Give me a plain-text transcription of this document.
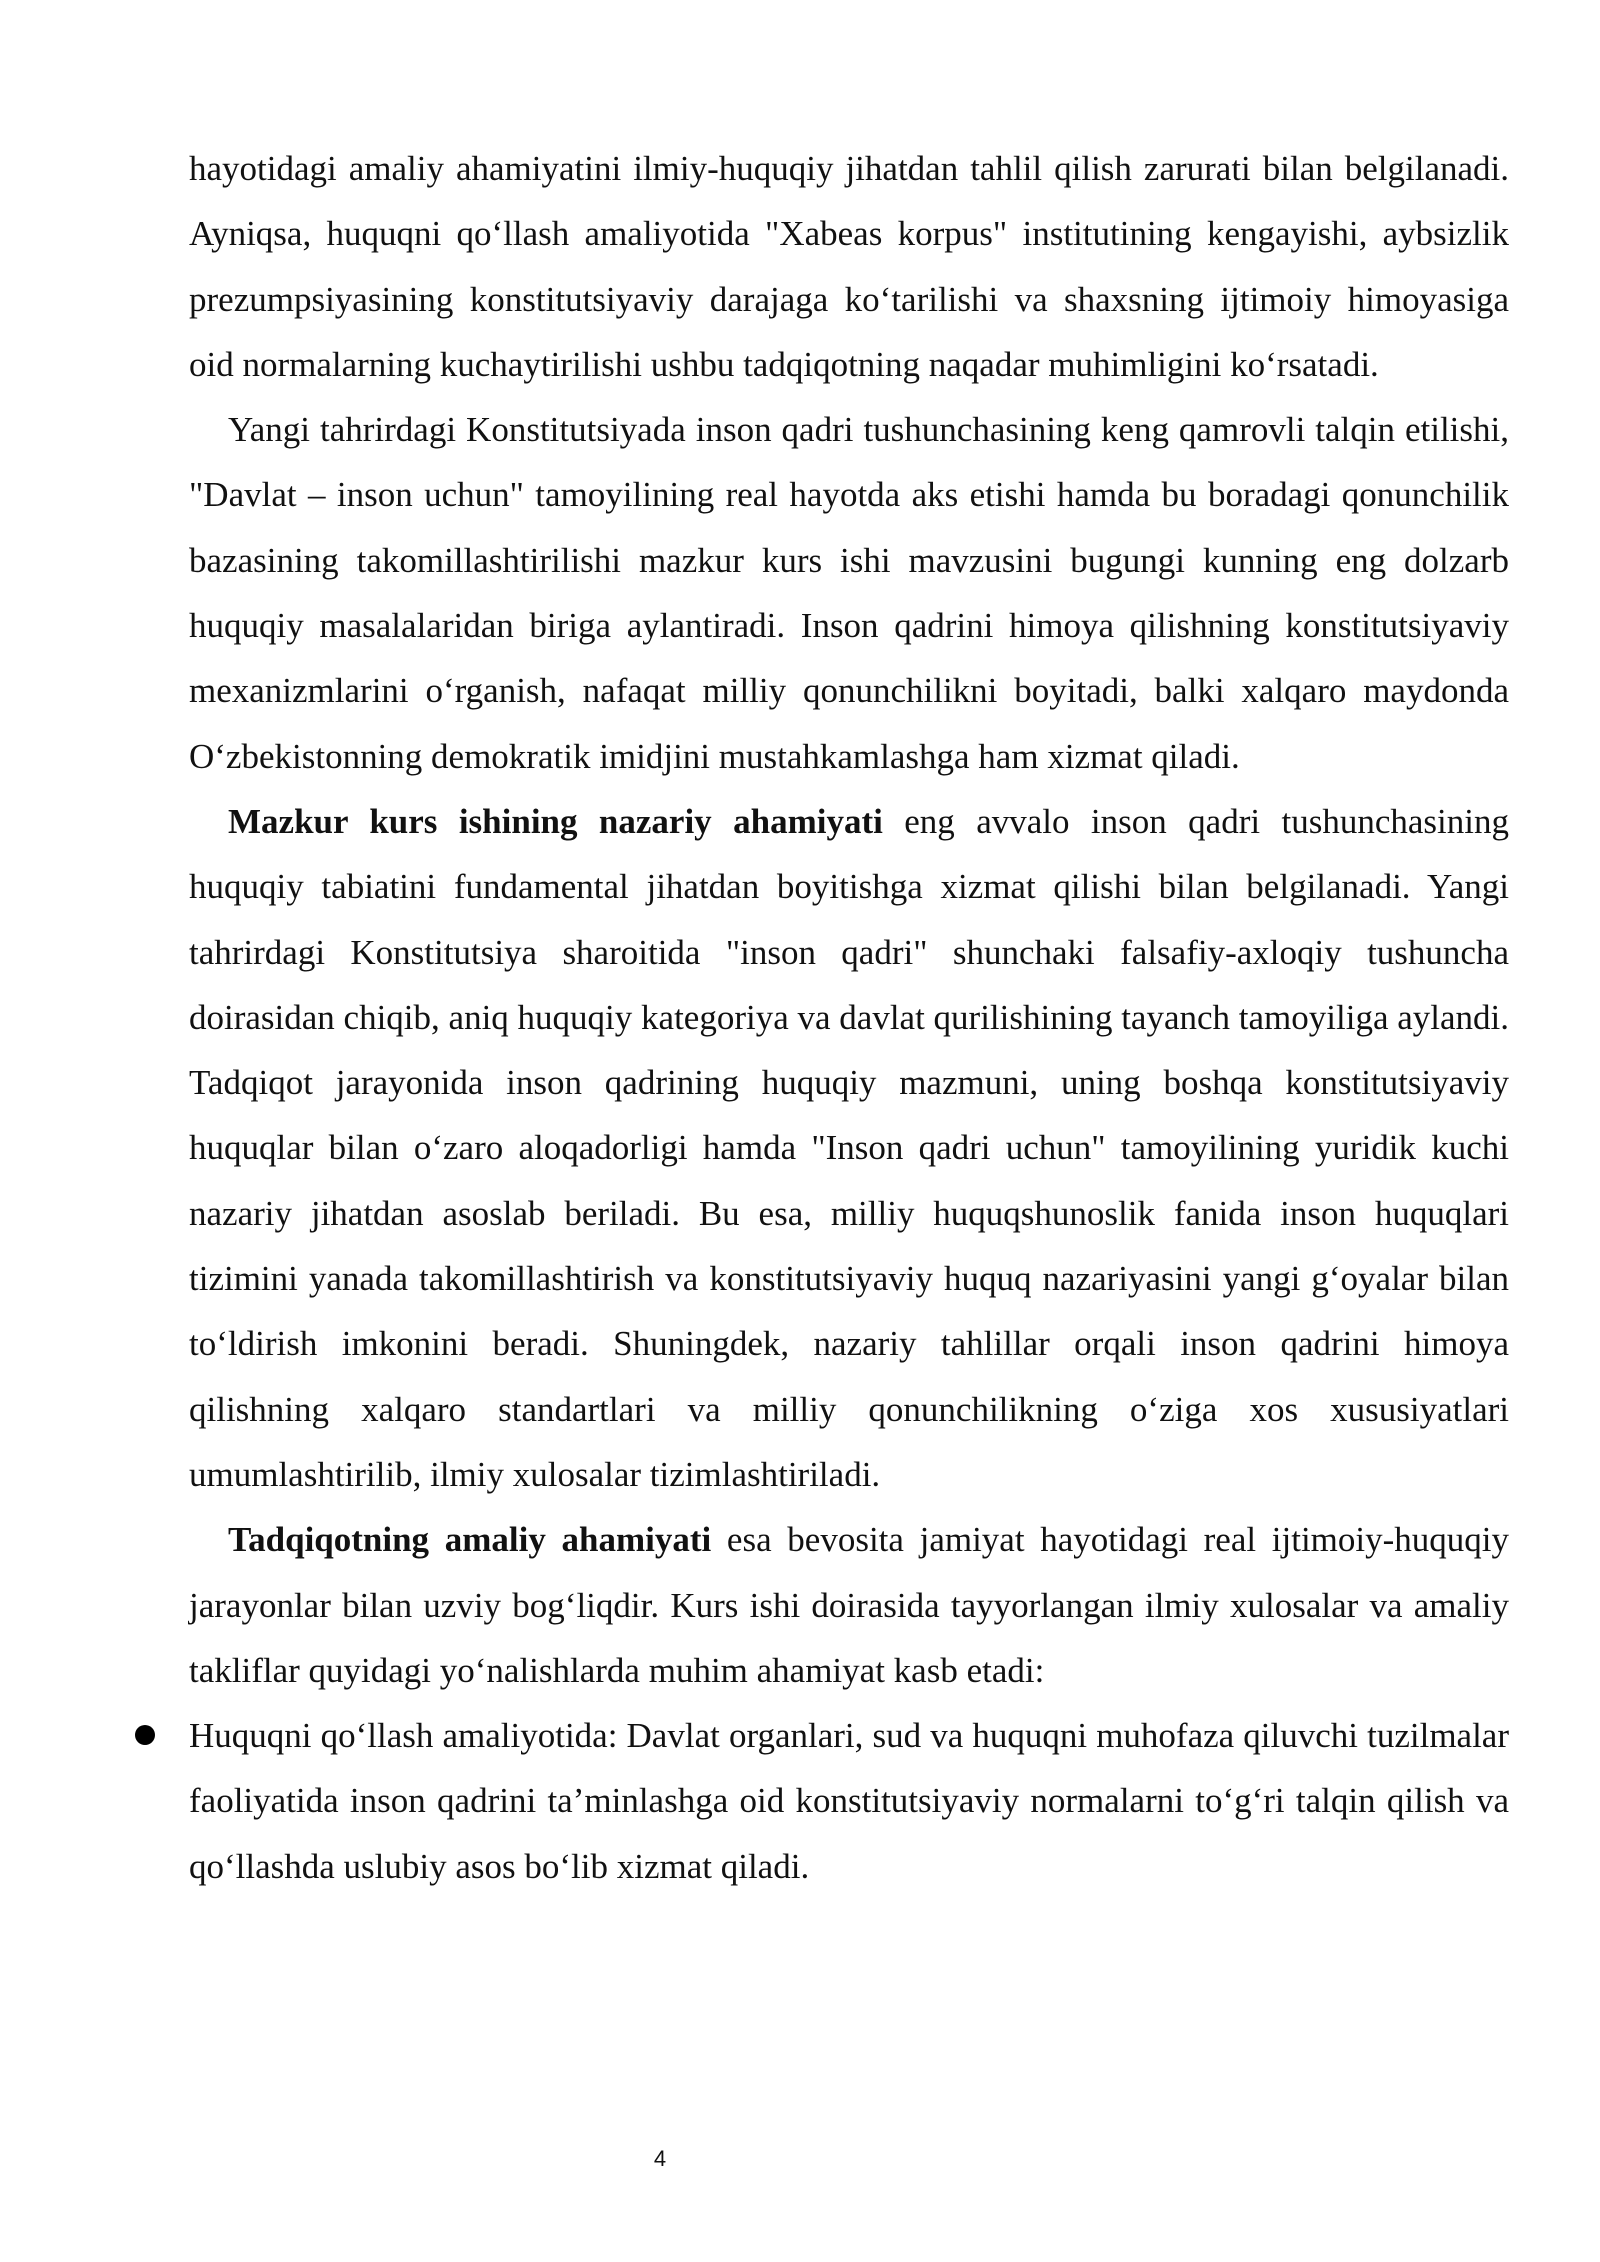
hayotidagi amaliy ahamiyatini ilmiy-huquqiy jihatdan tahlil qilish zarurati bilan belgilanadi. Ayniqsa, huquqni qo‘llash amaliyotida "Xabeas korpus" institutining kengayishi, aybsizlik prezumpsiyasining konstitutsiyaviy darajaga ko‘tarilishi va shaxsning ijtimoiy himoyasiga oid normalarning kuchaytirilishi ushbu tadqiqotning naqadar muhimligini ko‘rsatadi.

Yangi tahrirdagi Konstitutsiyada inson qadri tushunchasining keng qamrovli talqin etilishi, "Davlat – inson uchun" tamoyilining real hayotda aks etishi hamda bu boradagi qonunchilik bazasining takomillashtirilishi mazkur kurs ishi mavzusini bugungi kunning eng dolzarb huquqiy masalalaridan biriga aylantiradi. Inson qadrini himoya qilishning konstitutsiyaviy mexanizmlarini o‘rganish, nafaqat milliy qonunchilikni boyitadi, balki xalqaro maydonda O‘zbekistonning demokratik imidjini mustahkamlashga ham xizmat qiladi.

Mazkur kurs ishining nazariy ahamiyati eng avvalo inson qadri tushunchasining huquqiy tabiatini fundamental jihatdan boyitishga xizmat qilishi bilan belgilanadi. Yangi tahrirdagi Konstitutsiya sharoitida "inson qadri" shunchaki falsafiy-axloqiy tushuncha doirasidan chiqib, aniq huquqiy kategoriya va davlat qurilishining tayanch tamoyiliga aylandi. Tadqiqot jarayonida inson qadrining huquqiy mazmuni, uning boshqa konstitutsiyaviy huquqlar bilan o‘zaro aloqadorligi hamda "Inson qadri uchun" tamoyilining yuridik kuchi nazariy jihatdan asoslab beriladi. Bu esa, milliy huquqshunoslik fanida inson huquqlari tizimini yanada takomillashtirish va konstitutsiyaviy huquq nazariyasini yangi g‘oyalar bilan to‘ldirish imkonini beradi. Shuningdek, nazariy tahlillar orqali inson qadrini himoya qilishning xalqaro standartlari va milliy qonunchilikning o‘ziga xos xususiyatlari umumlashtirilib, ilmiy xulosalar tizimlashtiriladi.

Tadqiqotning amaliy ahamiyati esa bevosita jamiyat hayotidagi real ijtimoiy-huquqiy jarayonlar bilan uzviy bog‘liqdir. Kurs ishi doirasida tayyorlangan ilmiy xulosalar va amaliy takliflar quyidagi yo‘nalishlarda muhim ahamiyat kasb etadi:

Huquqni qo‘llash amaliyotida: Davlat organlari, sud va huquqni muhofaza qiluvchi tuzilmalar faoliyatida inson qadrini ta’minlashga oid konstitutsiyaviy normalarni to‘g‘ri talqin qilish va qo‘llashda uslubiy asos bo‘lib xizmat qiladi.

4
